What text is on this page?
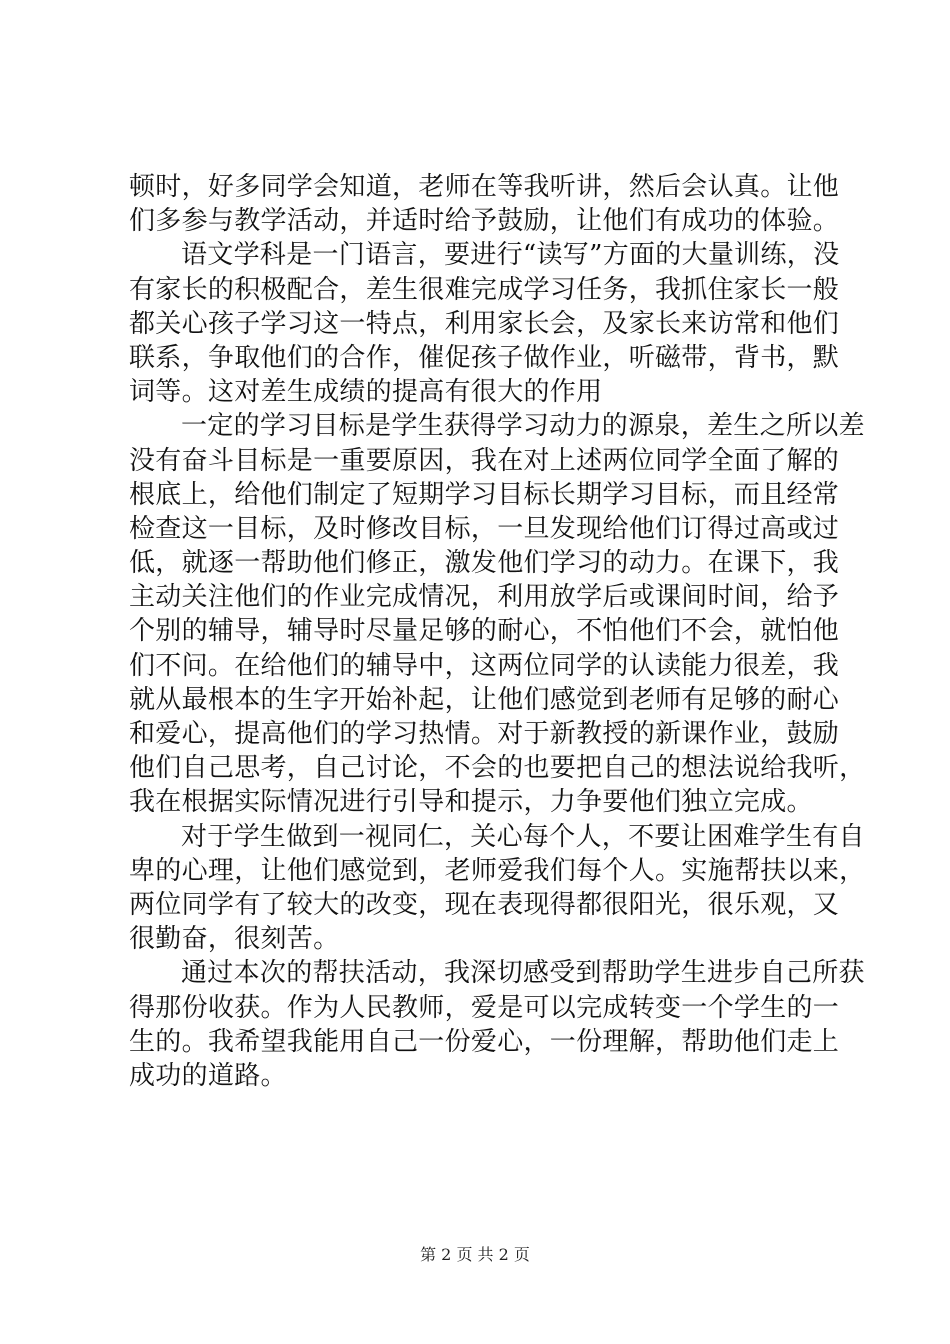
顿时，好多同学会知道，老师在等我听讲，然后会认真。让他
们多参与教学活动，并适时给予鼓励，让他们有成功的体验。
语文学科是一门语言，要进行“读写”方面的大量训练，没
有家长的积极配合，差生很难完成学习任务，我抓住家长一般
都关心孩子学习这一特点，利用家长会，及家长来访常和他们
联系，争取他们的合作，催促孩子做作业，听磁带，背书，默
词等。这对差生成绩的提高有很大的作用
一定的学习目标是学生获得学习动力的源泉，差生之所以差
没有奋斗目标是一重要原因，我在对上述两位同学全面了解的
根底上，给他们制定了短期学习目标长期学习目标，而且经常
检查这一目标，及时修改目标，一旦发现给他们订得过高或过
低，就逐一帮助他们修正，激发他们学习的动力。在课下，我
主动关注他们的作业完成情况，利用放学后或课间时间，给予
个别的辅导，辅导时尽量足够的耐心，不怕他们不会，就怕他
们不问。在给他们的辅导中，这两位同学的认读能力很差，我
就从最根本的生字开始补起，让他们感觉到老师有足够的耐心
和爱心，提高他们的学习热情。对于新教授的新课作业，鼓励
他们自己思考，自己讨论，不会的也要把自己的想法说给我听，
我在根据实际情况进行引导和提示，力争要他们独立完成。
对于学生做到一视同仁，关心每个人，不要让困难学生有自
卑的心理，让他们感觉到，老师爱我们每个人。实施帮扶以来，
两位同学有了较大的改变，现在表现得都很阳光，很乐观，又
很勤奋，很刻苦。
通过本次的帮扶活动，我深切感受到帮助学生进步自己所获
得那份收获。作为人民教师，爱是可以完成转变一个学生的一
生的。我希望我能用自己一份爱心，一份理解，帮助他们走上
成功的道路。
第 2 页 共 2 页
